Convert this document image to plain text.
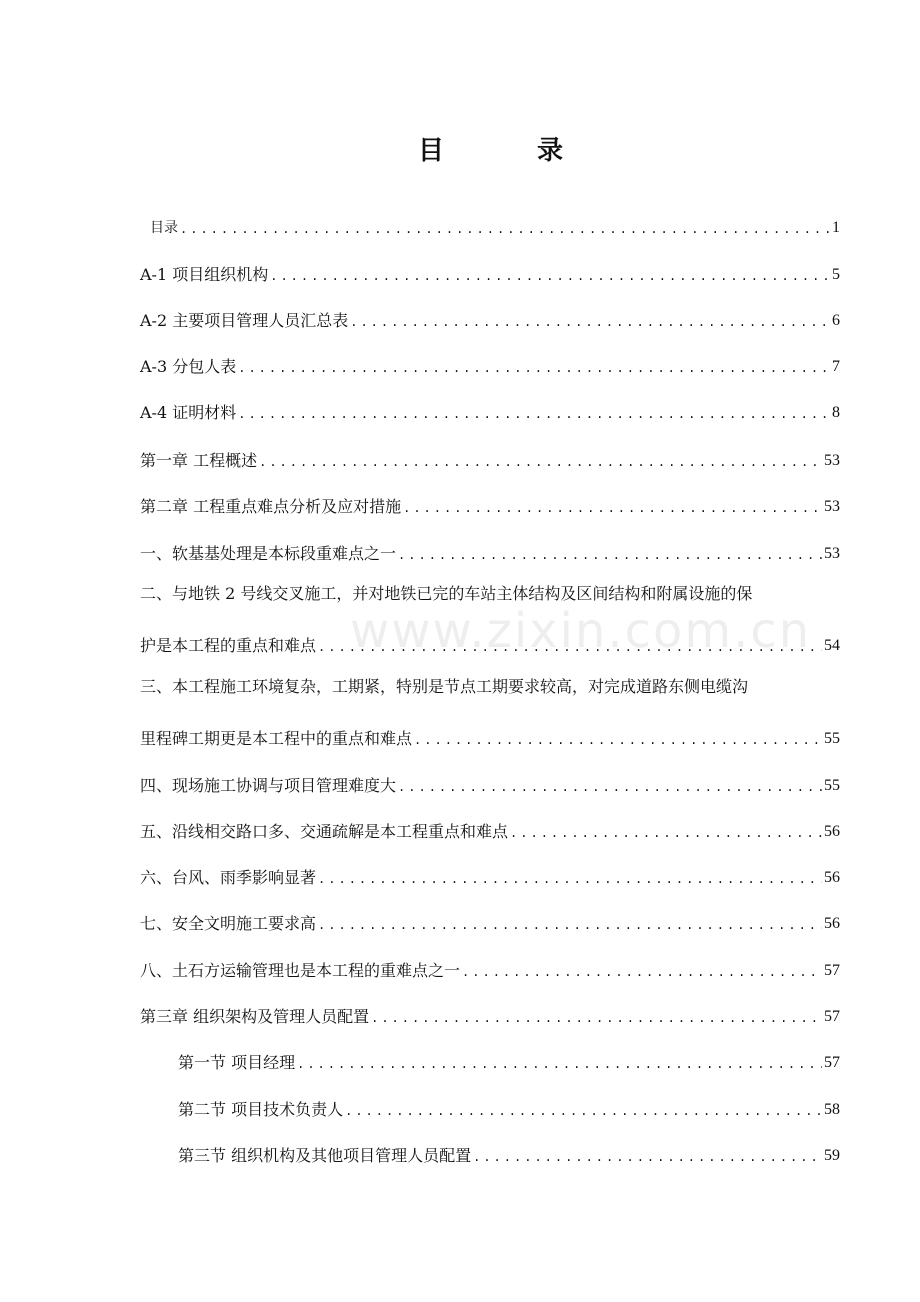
目	录
www.zixin.com.cn
目录 .....	1
A-1 项目组织机构 .....	5
A-2 主要项目管理人员汇总表 .....	6
A-3 分包人表 .....	7
A-4 证明材料 .....	8
第一章 工程概述 .....	53
第二章 工程重点难点分析及应对措施 .....	53
一、软基基处理是本标段重难点之一 .....	53
二、与地铁 2 号线交叉施工，并对地铁已完的车站主体结构及区间结构和附属设施的保
护是本工程的重点和难点 .....	54
三、本工程施工环境复杂，工期紧，特别是节点工期要求较高，对完成道路东侧电缆沟
里程碑工期更是本工程中的重点和难点 .....	55
四、现场施工协调与项目管理难度大 .....	55
五、沿线相交路口多、交通疏解是本工程重点和难点 .....	56
六、台风、雨季影响显著 .....	56
七、安全文明施工要求高 .....	56
八、土石方运输管理也是本工程的重难点之一 .....	57
第三章 组织架构及管理人员配置 .....	57
第一节 项目经理 .....	57
第二节 项目技术负责人 .....	58
第三节 组织机构及其他项目管理人员配置 .....	59
